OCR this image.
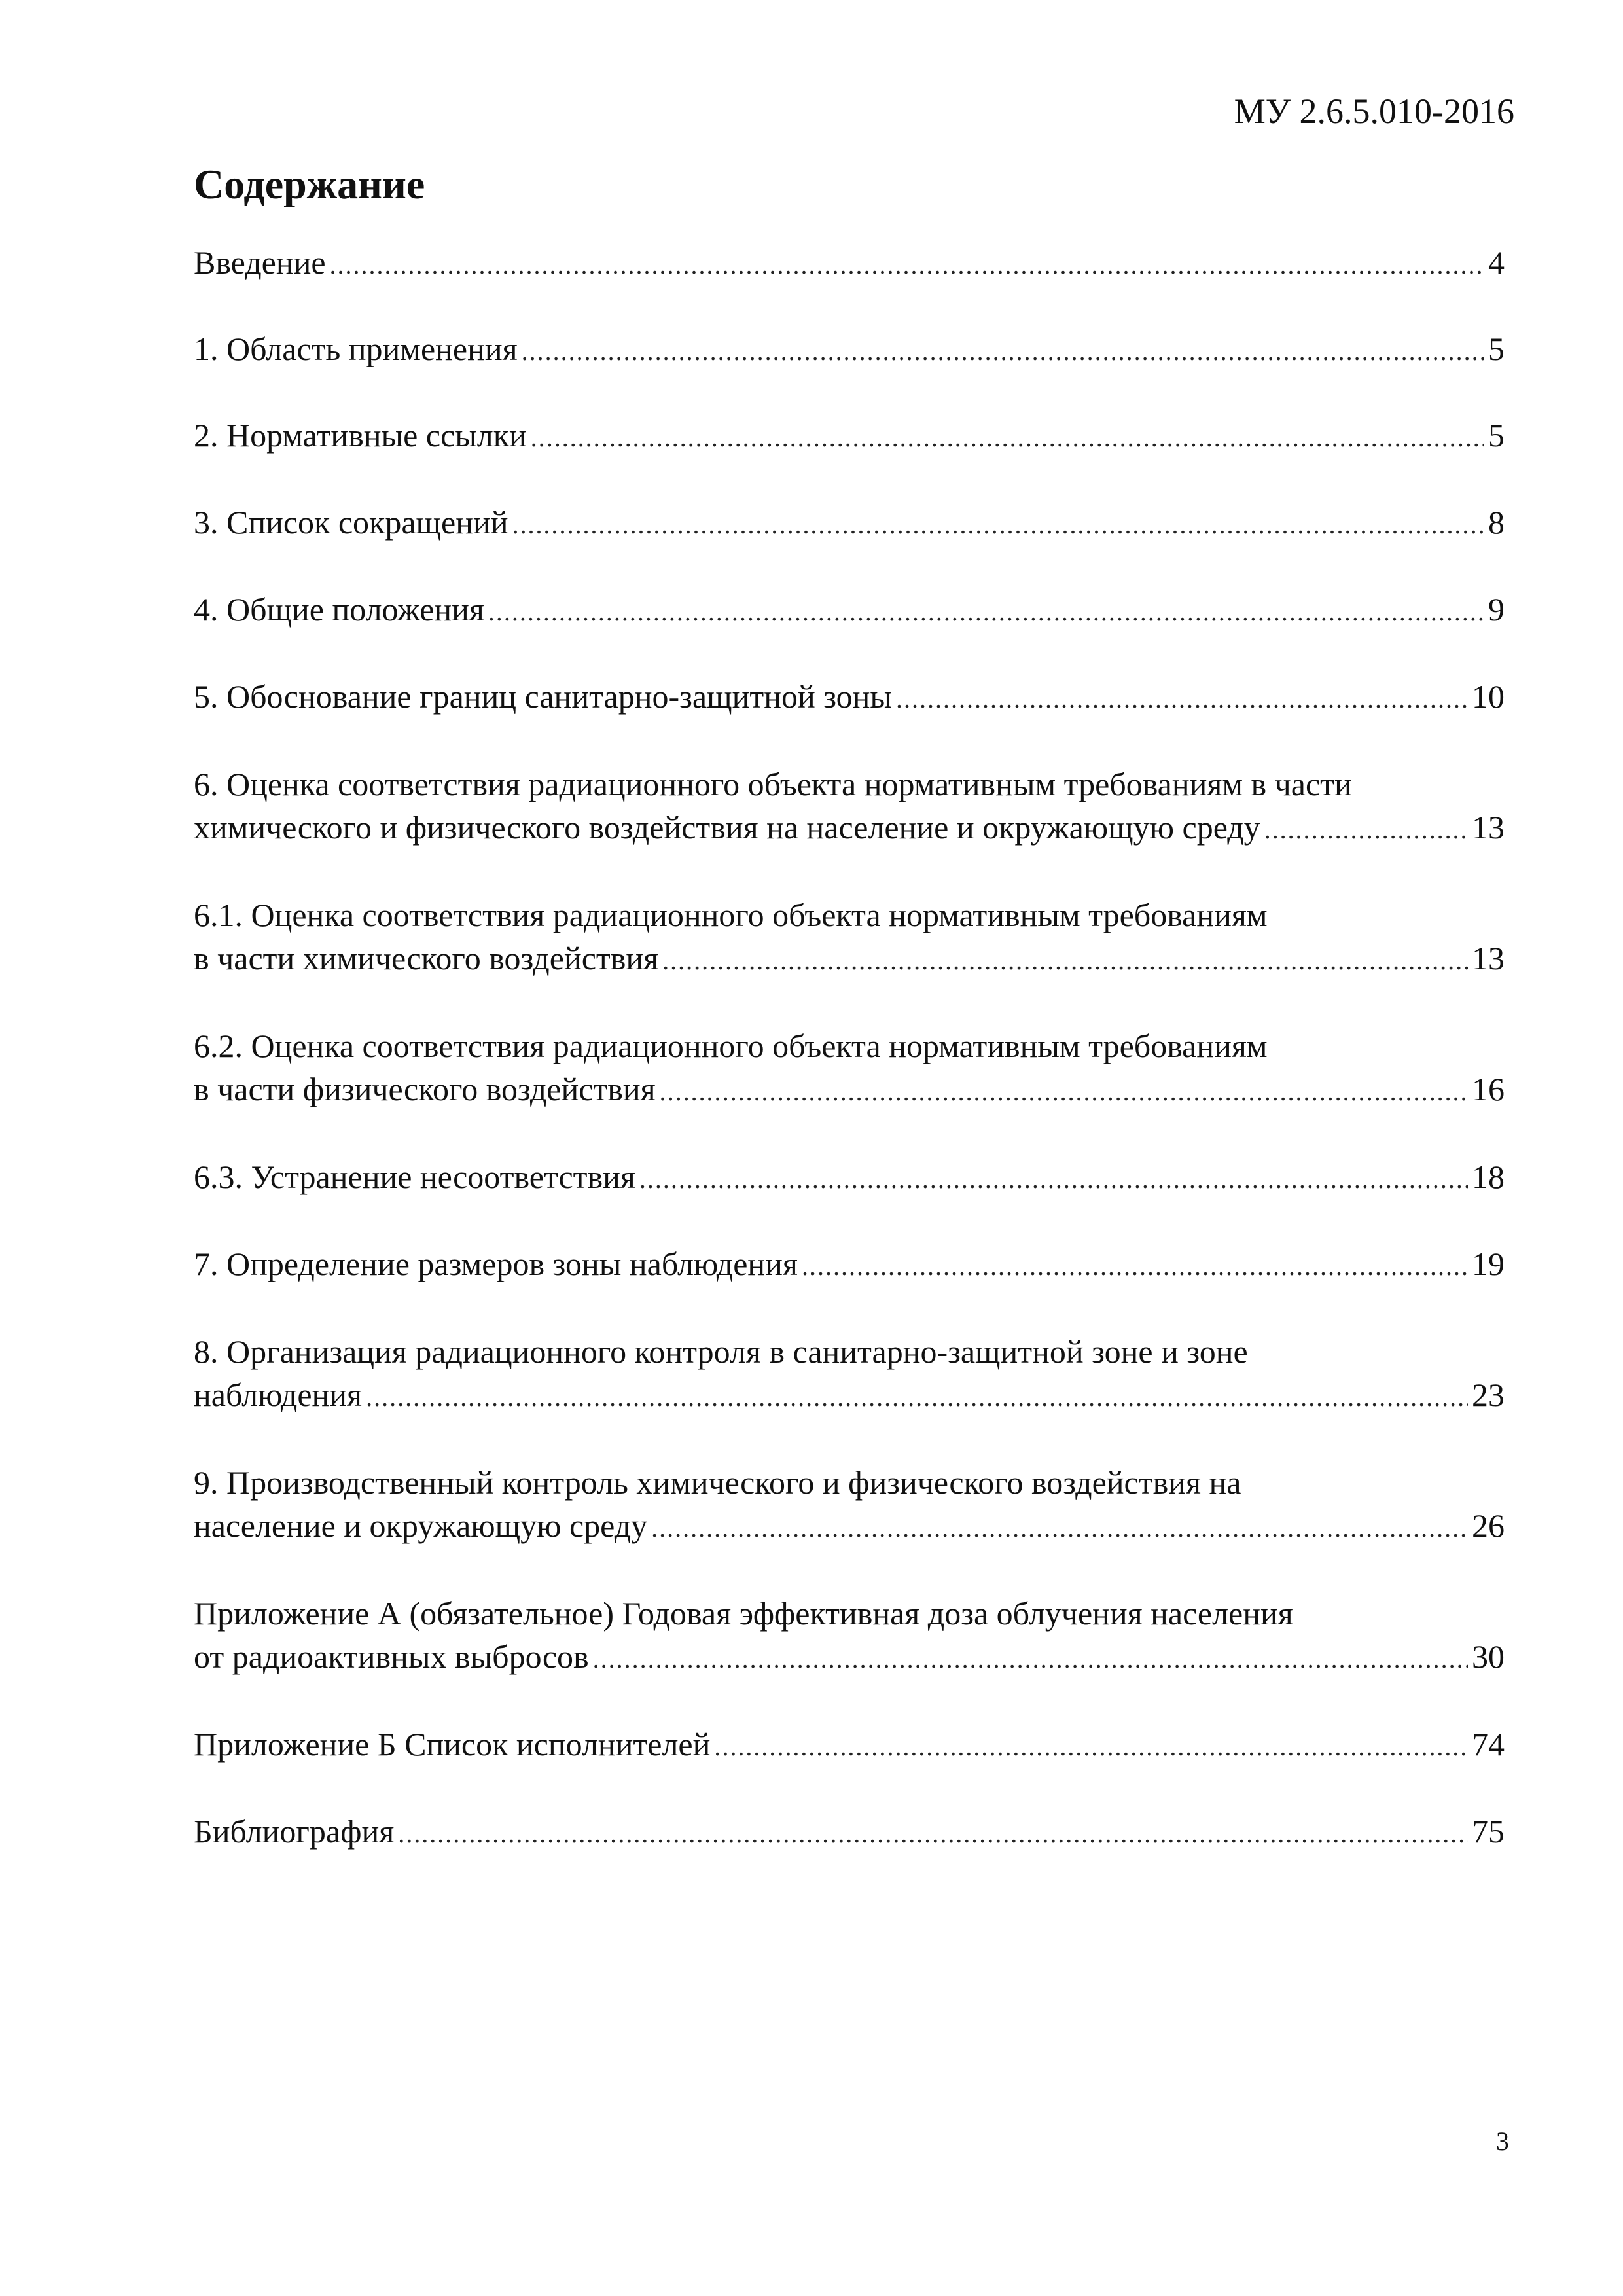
МУ 2.6.5.010-2016
Содержание
Введение .....	4
1. Область применения .....	5
2. Нормативные ссылки .....	5
3. Список сокращений .....	8
4. Общие положения .....	9
5. Обоснование границ санитарно-защитной зоны .....	10
6. Оценка соответствия радиационного объекта нормативным требованиям в части
химического и физического воздействия на население и окружающую среду .....	13
6.1. Оценка соответствия радиационного объекта нормативным требованиям
в части химического воздействия .....	13
6.2. Оценка соответствия радиационного объекта нормативным требованиям
в части физического воздействия .....	16
6.3. Устранение несоответствия .....	18
7. Определение размеров зоны наблюдения .....	19
8. Организация радиационного контроля в санитарно-защитной зоне и зоне
наблюдения .....	23
9. Производственный контроль химического и физического воздействия на
население и окружающую среду .....	26
Приложение А (обязательное) Годовая эффективная доза облучения населения
от радиоактивных выбросов .....	30
Приложение Б Список исполнителей .....	74
Библиография .....	75
3
